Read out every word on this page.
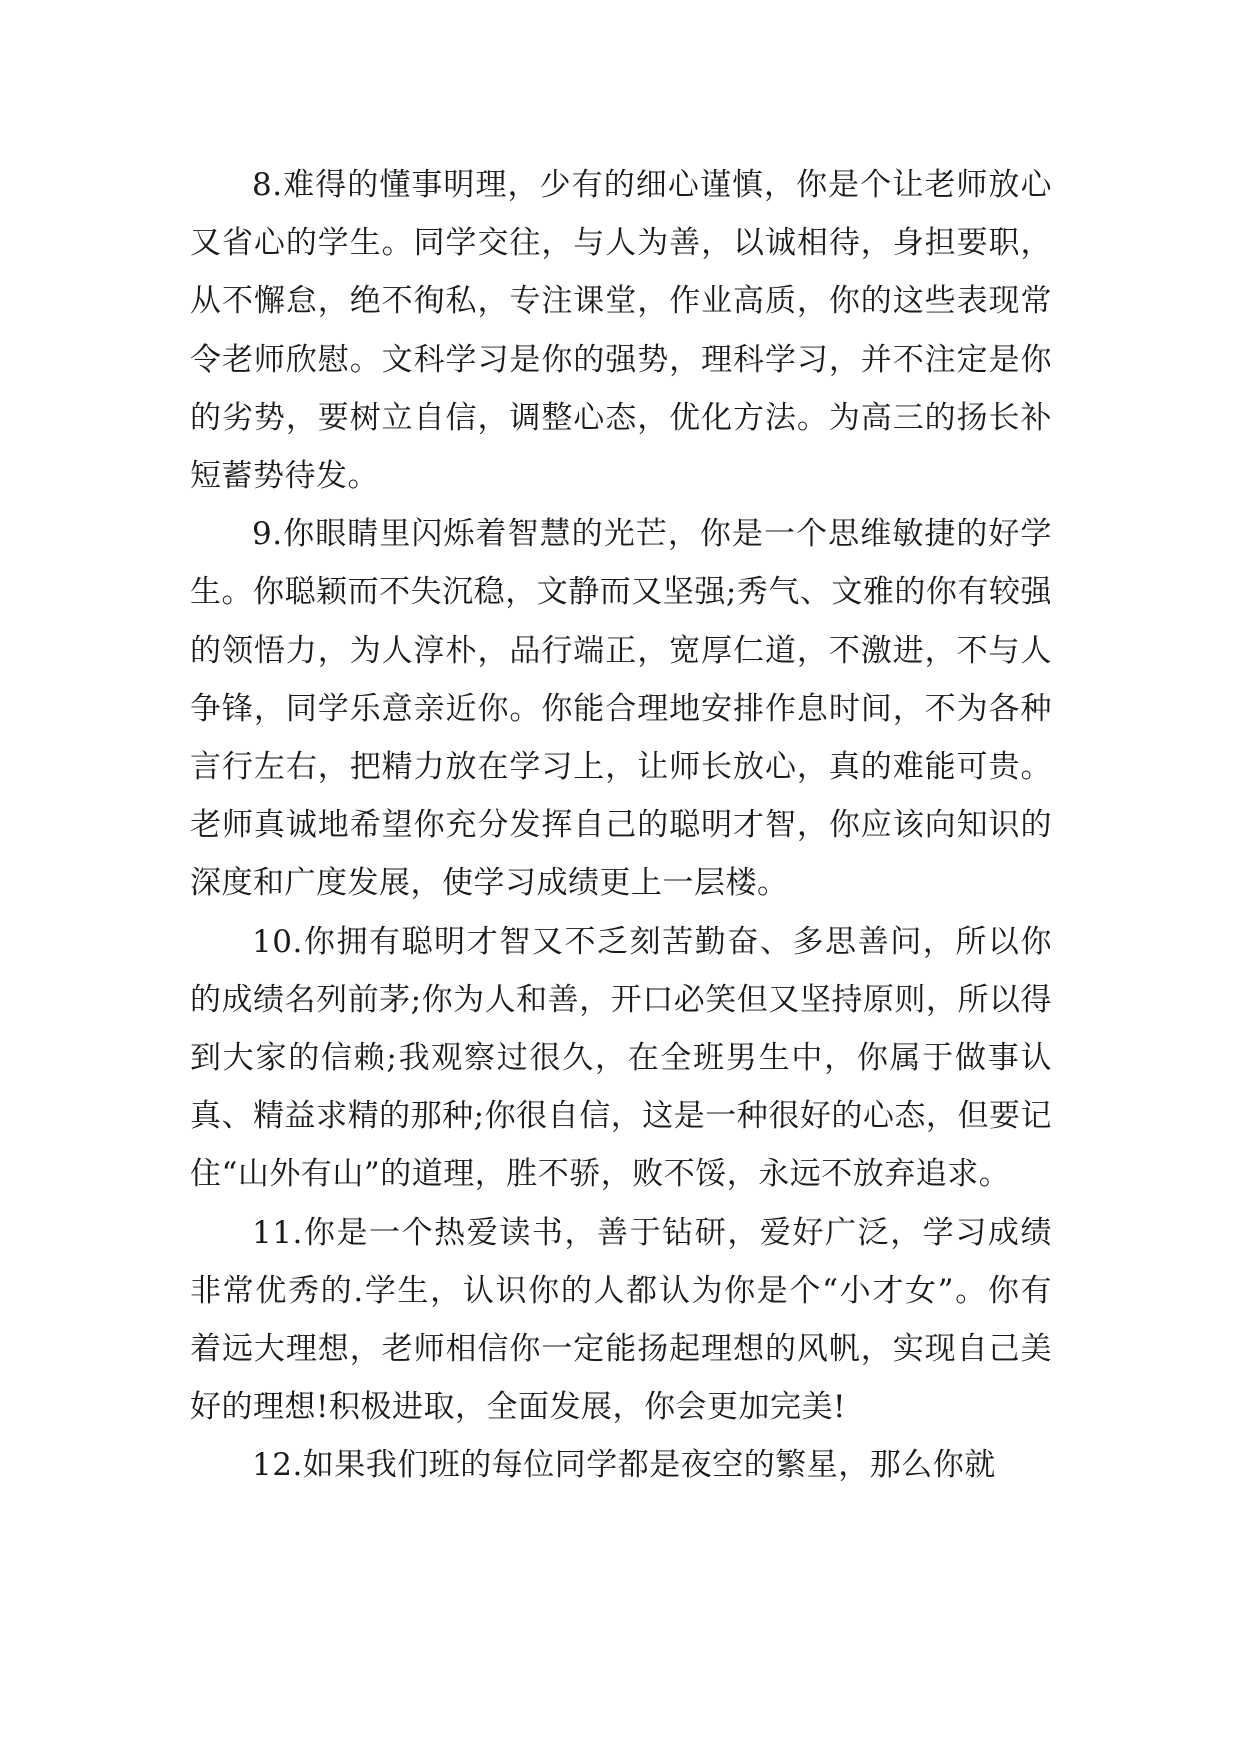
8.难得的懂事明理，少有的细心谨慎，你是个让老师放心又省心的学生。同学交往，与人为善，以诚相待，身担要职，从不懈怠，绝不徇私，专注课堂，作业高质，你的这些表现常令老师欣慰。文科学习是你的强势，理科学习，并不注定是你的劣势，要树立自信，调整心态，优化方法。为高三的扬长补短蓄势待发。

9.你眼睛里闪烁着智慧的光芒，你是一个思维敏捷的好学生。你聪颖而不失沉稳，文静而又坚强;秀气、文雅的你有较强的领悟力，为人淳朴，品行端正，宽厚仁道，不激进，不与人争锋，同学乐意亲近你。你能合理地安排作息时间，不为各种言行左右，把精力放在学习上，让师长放心，真的难能可贵。老师真诚地希望你充分发挥自己的聪明才智，你应该向知识的深度和广度发展，使学习成绩更上一层楼。

10.你拥有聪明才智又不乏刻苦勤奋、多思善问，所以你的成绩名列前茅;你为人和善，开口必笑但又坚持原则，所以得到大家的信赖;我观察过很久，在全班男生中，你属于做事认真、精益求精的那种;你很自信，这是一种很好的心态，但要记住“山外有山”的道理，胜不骄，败不馁，永远不放弃追求。

11.你是一个热爱读书，善于钻研，爱好广泛，学习成绩非常优秀的.学生，认识你的人都认为你是个“小才女”。你有着远大理想，老师相信你一定能扬起理想的风帆，实现自己美好的理想!积极进取，全面发展，你会更加完美!

12.如果我们班的每位同学都是夜空的繁星，那么你就
